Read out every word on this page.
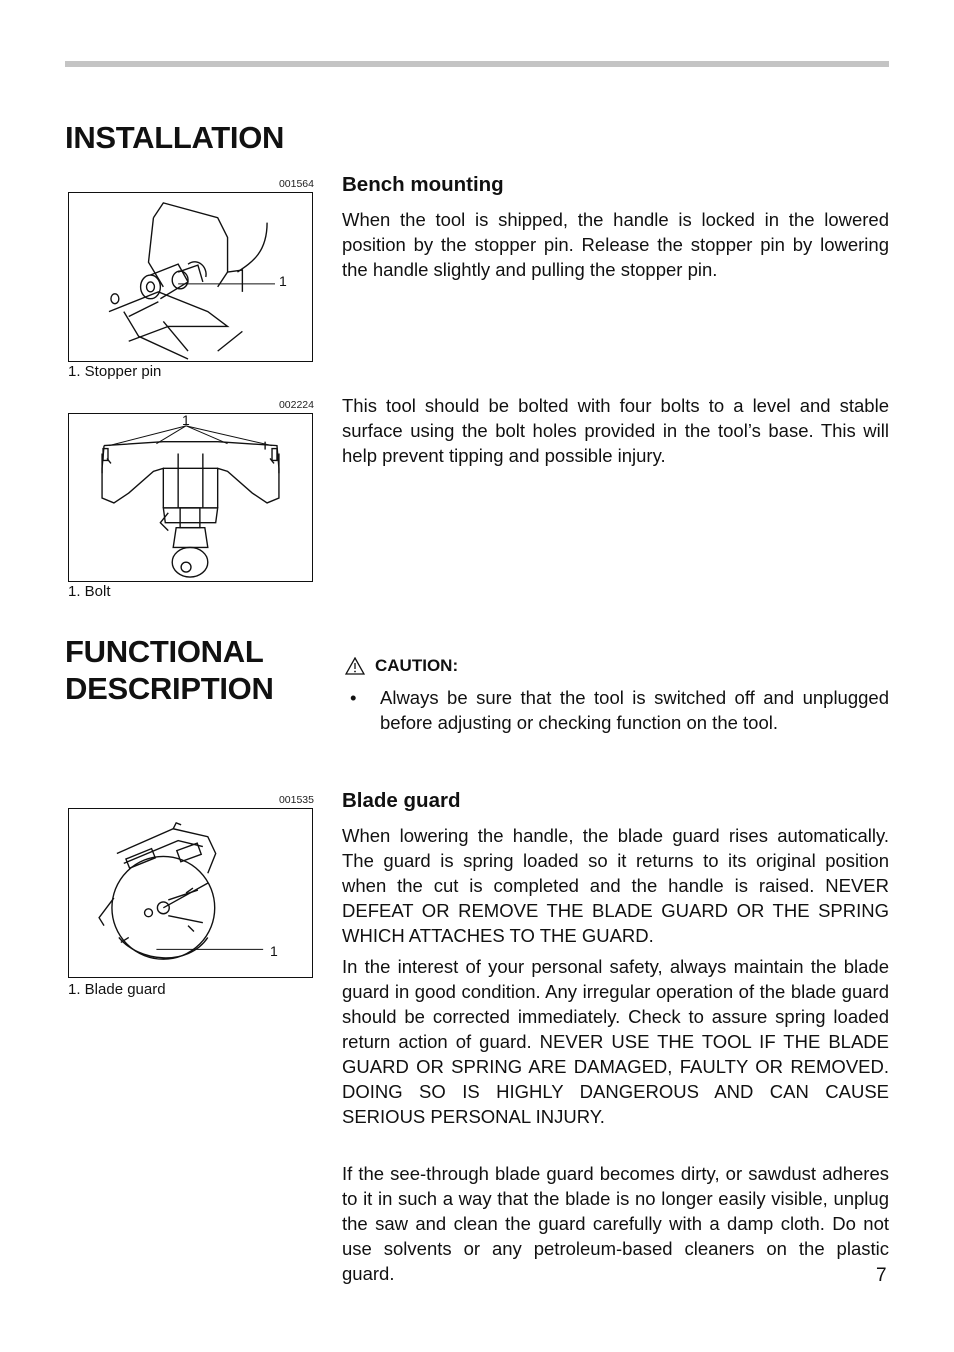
INSTALLATION
001564
1
1. Stopper pin
Bench mounting

When the tool is shipped, the handle is locked in the lowered position by the stopper pin. Release the stopper pin by lowering the handle slightly and pulling the stopper pin.

002224
1
1. Bolt

This tool should be bolted with four bolts to a level and stable surface using the bolt holes provided in the tool’s base. This will help prevent tipping and possible injury.

FUNCTIONAL
DESCRIPTION
CAUTION:
• Always be sure that the tool is switched off and unplugged before adjusting or checking function on the tool.
001535
1
1. Blade guard
Blade guard

When lowering the handle, the blade guard rises automatically. The guard is spring loaded so it returns to its original position when the cut is completed and the handle is raised. NEVER DEFEAT OR REMOVE THE BLADE GUARD OR THE SPRING WHICH ATTACHES TO THE GUARD.

In the interest of your personal safety, always maintain the blade guard in good condition. Any irregular operation of the blade guard should be corrected immediately. Check to assure spring loaded return action of guard. NEVER USE THE TOOL IF THE BLADE GUARD OR SPRING ARE DAMAGED, FAULTY OR REMOVED. DOING SO IS HIGHLY DANGEROUS AND CAN CAUSE SERIOUS PERSONAL INJURY.

If the see-through blade guard becomes dirty, or sawdust adheres to it in such a way that the blade is no longer easily visible, unplug the saw and clean the guard carefully with a damp cloth. Do not use solvents or any petroleum-based cleaners on the plastic guard.	7
